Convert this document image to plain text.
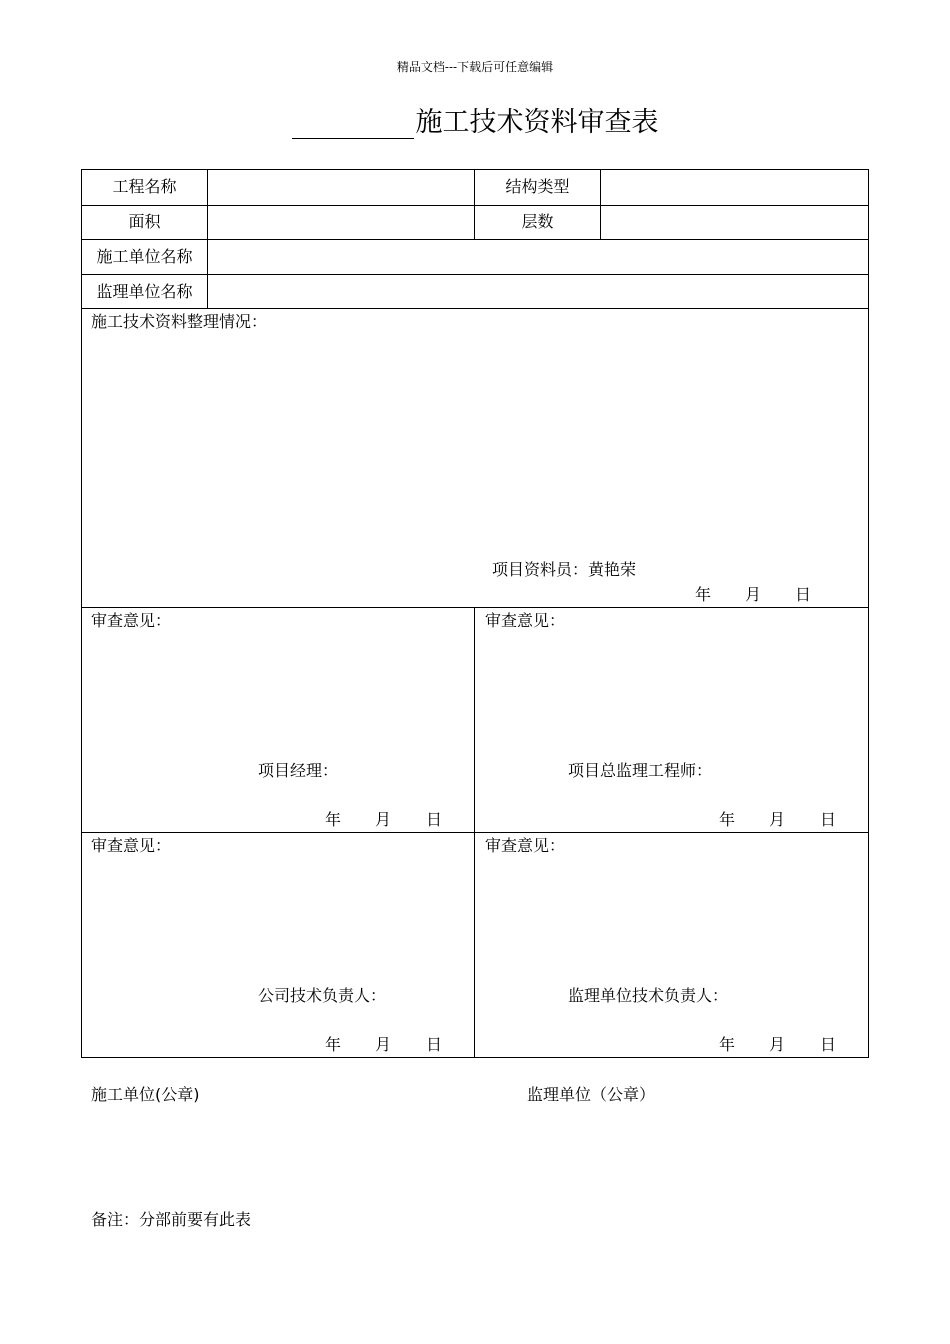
精品文档---下载后可任意编辑
施工技术资料审查表
工程名称	结构类型
面积	层数
施工单位名称
监理单位名称
施工技术资料整理情况：
项目资料员：黄艳荣
年 月 日
审查意见：
项目经理：
年 月 日
审查意见：
项目总监理工程师：
年 月 日
审查意见：
公司技术负责人：
年 月 日
审查意见：
监理单位技术负责人：
年 月 日
施工单位(公章)	监理单位（公章）
备注：分部前要有此表
